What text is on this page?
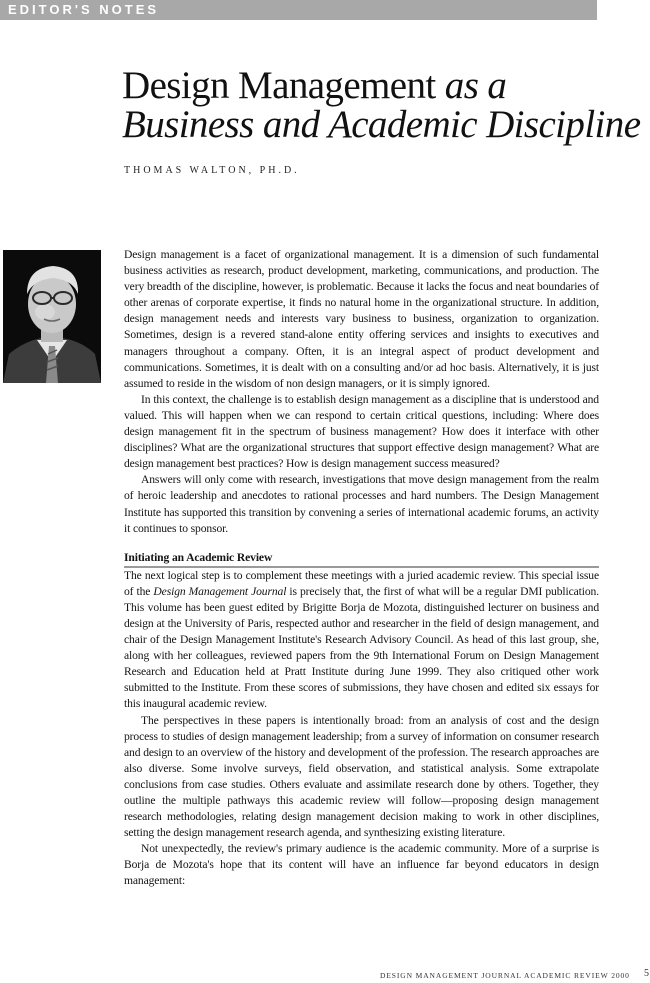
EDITOR'S NOTES
Design Management as a
Business and Academic Discipline
THOMAS WALTON, PH.D.

Design management is a facet of organizational management. It is a dimension of such fundamental business activities as research, product development, marketing, communications, and production. The very breadth of the discipline, however, is problematic. Because it lacks the focus and neat boundaries of other arenas of corporate expertise, it finds no natural home in the organizational structure. In addition, design management needs and interests vary business to business, organization to organization. Sometimes, design is a revered stand-alone entity offering services and insights to executives and managers throughout a company. Often, it is an integral aspect of product development and communications. Sometimes, it is dealt with on a consulting and/or ad hoc basis. Alternatively, it is just assumed to reside in the wisdom of non design managers, or it is simply ignored.

In this context, the challenge is to establish design management as a discipline that is understood and valued. This will happen when we can respond to certain critical questions, including: Where does design management fit in the spectrum of business management? How does it interface with other disciplines? What are the organizational structures that support effective design management? What are design management best practices? How is design management success measured?

Answers will only come with research, investigations that move design management from the realm of heroic leadership and anecdotes to rational processes and hard numbers. The Design Management Institute has supported this transition by convening a series of international academic forums, an activity it continues to sponsor.

Initiating an Academic Review

The next logical step is to complement these meetings with a juried academic review. This special issue of the Design Management Journal is precisely that, the first of what will be a regular DMI publication. This volume has been guest edited by Brigitte Borja de Mozota, distinguished lecturer on business and design at the University of Paris, respected author and researcher in the field of design management, and chair of the Design Management Institute's Research Advisory Council. As head of this last group, she, along with her colleagues, reviewed papers from the 9th International Forum on Design Management Research and Education held at Pratt Institute during June 1999. They also critiqued other work submitted to the Institute. From these scores of submissions, they have chosen and edited six essays for this inaugural academic review.

The perspectives in these papers is intentionally broad: from an analysis of cost and the design process to studies of design management leadership; from a survey of information on consumer research and design to an overview of the history and development of the profession. The research approaches are also diverse. Some involve surveys, field observation, and statistical analysis. Some extrapolate conclusions from case studies. Others evaluate and assimilate research done by others. Together, they outline the multiple pathways this academic review will follow—proposing design management research methodologies, relating design management decision making to work in other disciplines, setting the design management research agenda, and synthesizing existing literature.

Not unexpectedly, the review's primary audience is the academic community. More of a surprise is Borja de Mozota's hope that its content will have an influence far beyond educators in design management:

DESIGN MANAGEMENT JOURNAL ACADEMIC REVIEW 2000 5
